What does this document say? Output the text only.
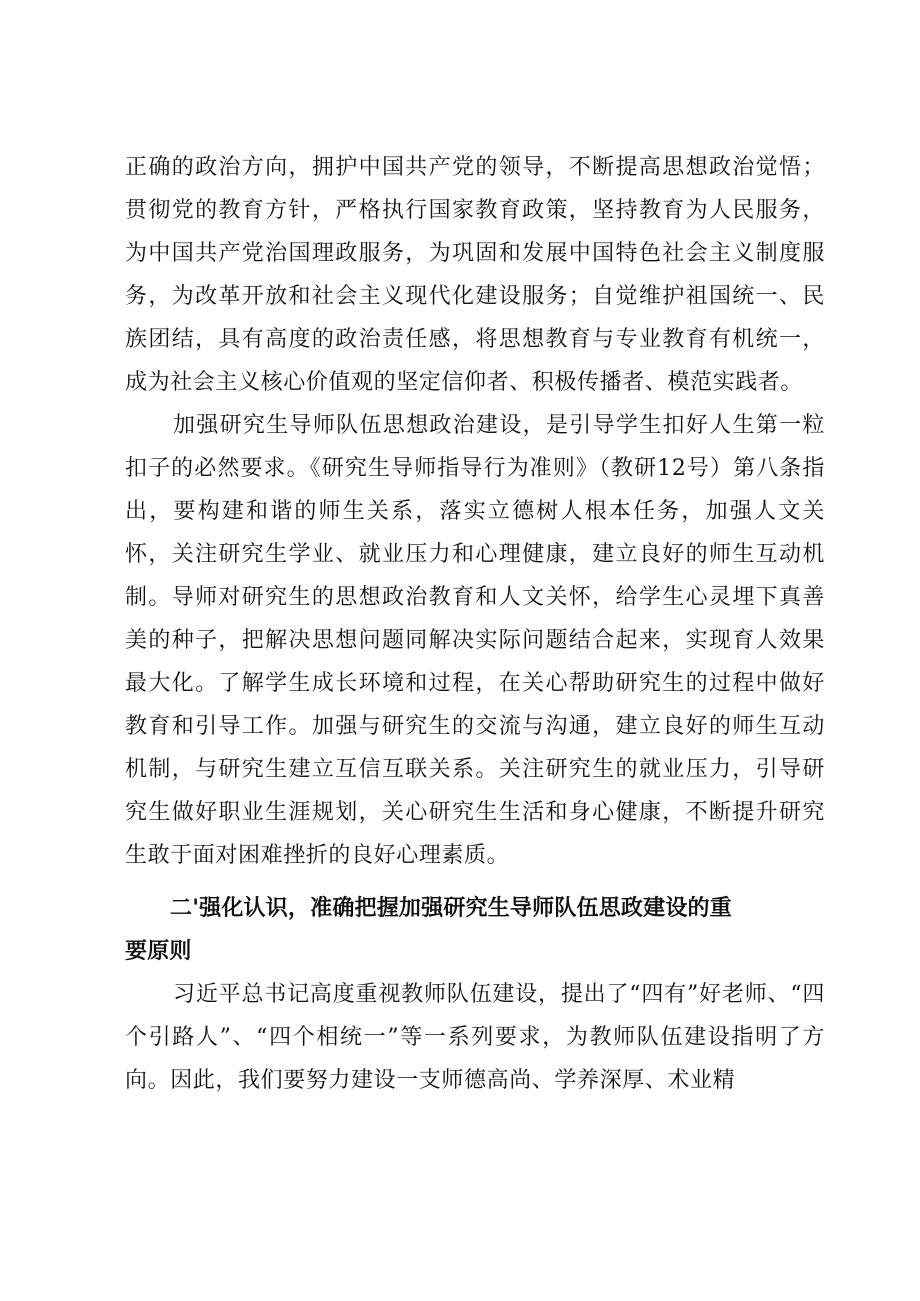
正确的政治方向，拥护中国共产党的领导，不断提高思想政治觉悟；贯彻党的教育方针，严格执行国家教育政策，坚持教育为人民服务，为中国共产党治国理政服务，为巩固和发展中国特色社会主义制度服务，为改革开放和社会主义现代化建设服务；自觉维护祖国统一、民族团结，具有高度的政治责任感，将思想教育与专业教育有机统一，成为社会主义核心价值观的坚定信仰者、积极传播者、模范实践者。

加强研究生导师队伍思想政治建设，是引导学生扣好人生第一粒扣子的必然要求。《研究生导师指导行为准则》（教研12号）第八条指出，要构建和谐的师生关系，落实立德树人根本任务，加强人文关怀，关注研究生学业、就业压力和心理健康，建立良好的师生互动机制。导师对研究生的思想政治教育和人文关怀，给学生心灵埋下真善美的种子，把解决思想问题同解决实际问题结合起来，实现育人效果最大化。了解学生成长环境和过程，在关心帮助研究生的过程中做好教育和引导工作。加强与研究生的交流与沟通，建立良好的师生互动机制，与研究生建立互信互联关系。关注研究生的就业压力，引导研究生做好职业生涯规划，关心研究生生活和身心健康，不断提升研究生敢于面对困难挫折的良好心理素质。

二'强化认识，准确把握加强研究生导师队伍思政建设的重
要原则

习近平总书记高度重视教师队伍建设，提出了“四有”好老师、“四个引路人”、“四个相统一”等一系列要求，为教师队伍建设指明了方向。因此，我们要努力建设一支师德高尚、学养深厚、术业精
